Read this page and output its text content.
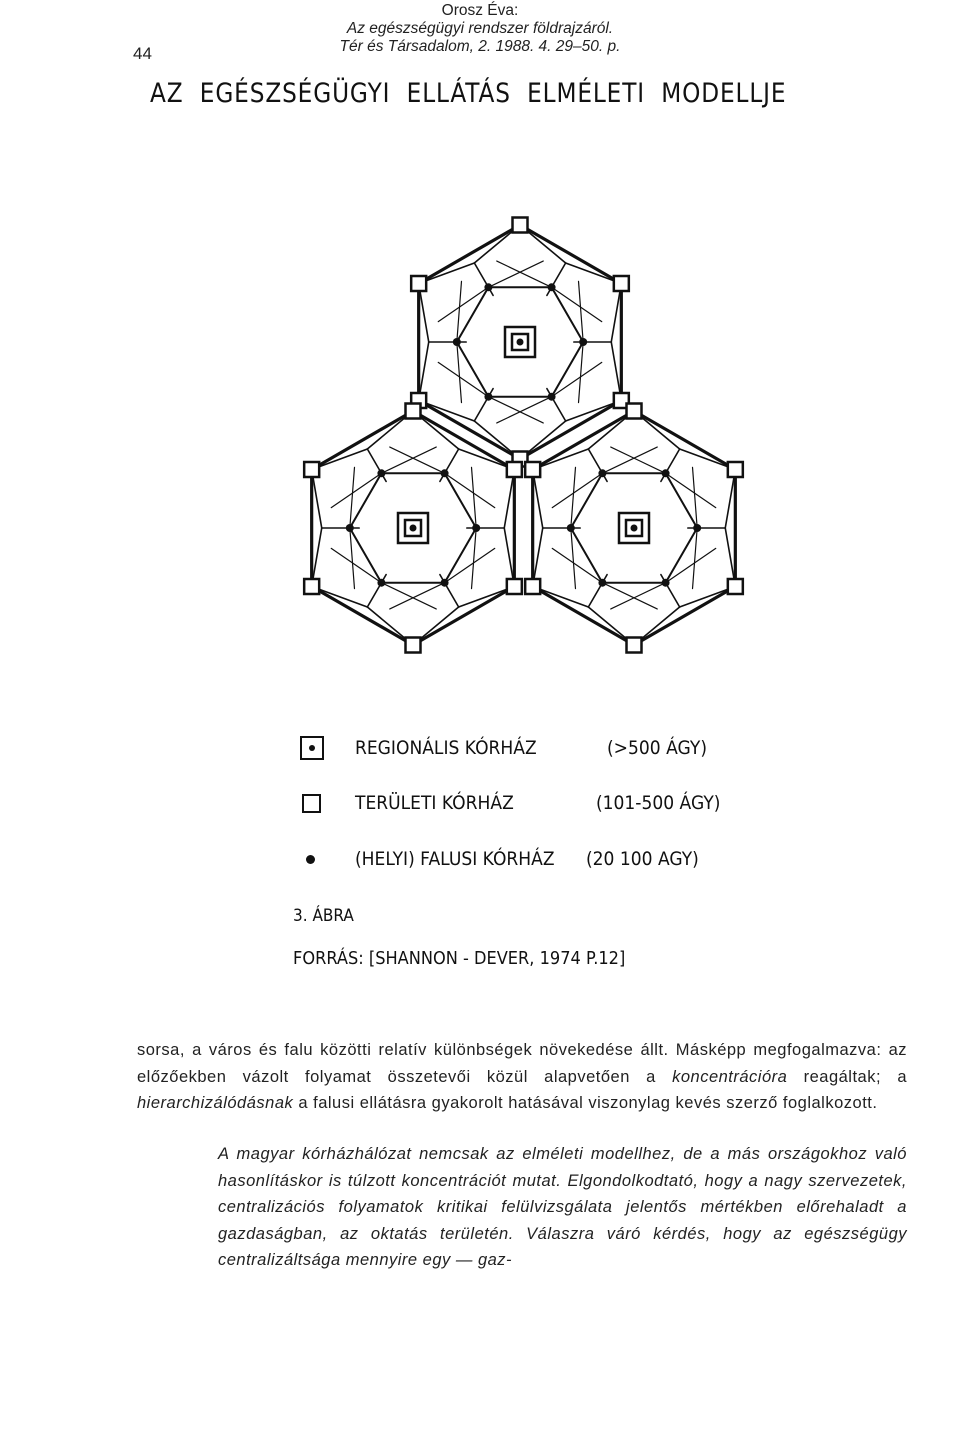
Orosz Éva:
Az egészségügyi rendszer földrajzáról.
Tér és Társadalom, 2. 1988. 4. 29–50. p.
44
AZ EGÉSZSÉGÜGYI ELLÁTÁS ELMÉLETI MODELLJE
REGIONÁLIS KÓRHÁZ	(>500 ÁGY)
TERÜLETI KÓRHÁZ	(101-500 ÁGY)
(HELYI) FALUSI KÓRHÁZ (20 100 AGY)
3. ÁBRA
FORRÁS: [SHANNON - DEVER, 1974 P.12]

sorsa, a város és falu közötti relatív különbségek növekedése állt. Másképp megfogalmazva: az előzőekben vázolt folyamat összetevői közül alapvetően a koncentrációra reagáltak; a hierarchizálódásnak a falusi ellátásra gyakorolt hatásával viszonylag kevés szerző foglalkozott.

A magyar kórházhálózat nemcsak az elméleti modellhez, de a más országokhoz való hasonlításkor is túlzott koncentrációt mutat. Elgondolkodtató, hogy a nagy szervezetek, centralizációs folyamatok kritikai felülvizsgálata jelentős mértékben előrehaladt a gazdaságban, az oktatás területén. Válaszra váró kérdés, hogy az egészségügy centralizáltsága mennyire egy — gaz-
